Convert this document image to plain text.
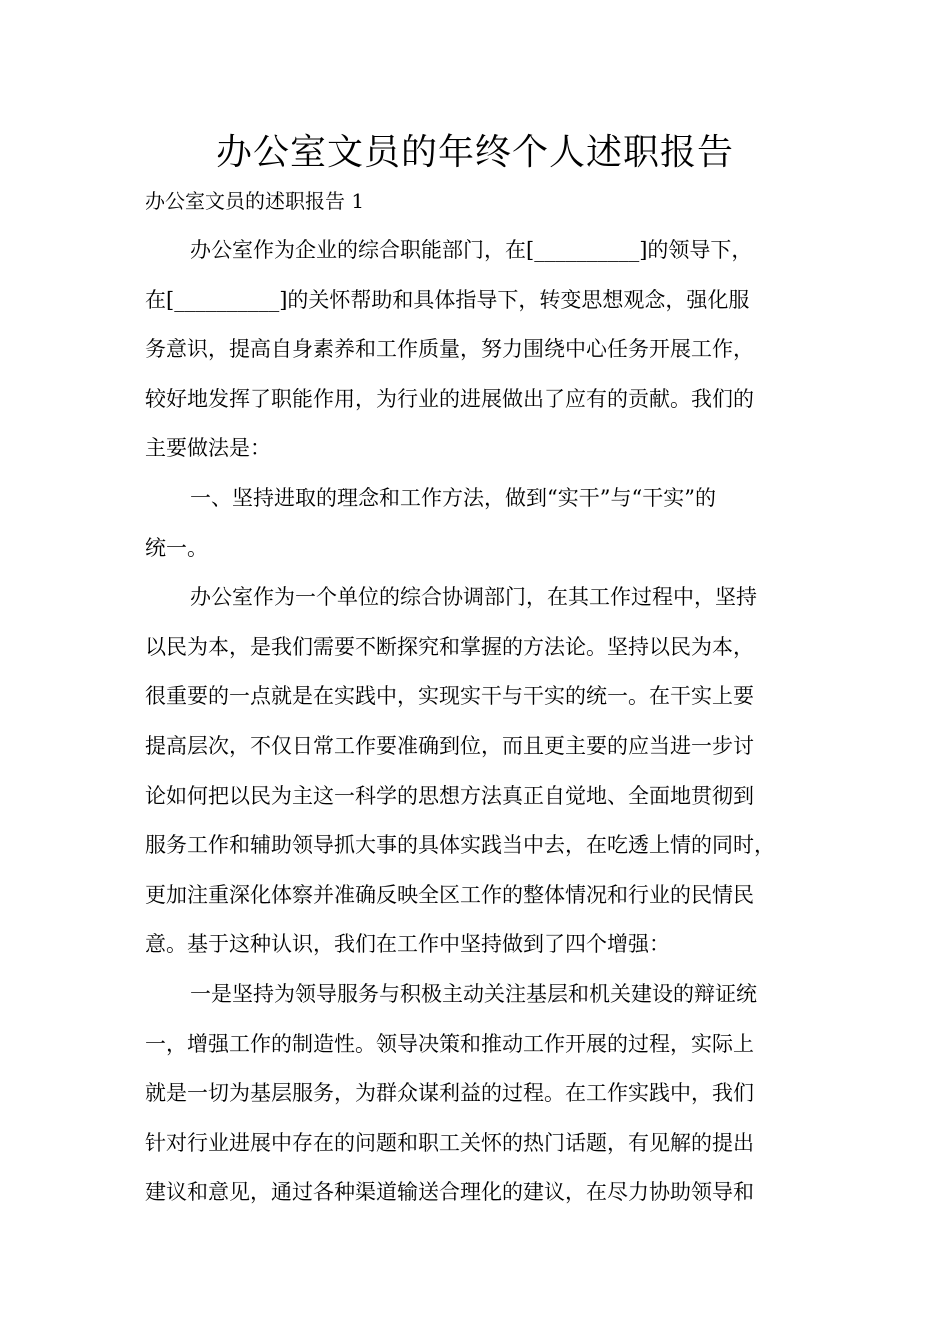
办公室文员的年终个人述职报告
办公室文员的述职报告 1
办公室作为企业的综合职能部门，在[__________]的领导下，
在[__________]的关怀帮助和具体指导下，转变思想观念，强化服
务意识，提高自身素养和工作质量，努力围绕中心任务开展工作，
较好地发挥了职能作用，为行业的进展做出了应有的贡献。我们的
主要做法是：
一、坚持进取的理念和工作方法，做到“实干”与“干实”的
统一。
办公室作为一个单位的综合协调部门，在其工作过程中，坚持
以民为本，是我们需要不断探究和掌握的方法论。坚持以民为本，
很重要的一点就是在实践中，实现实干与干实的统一。在干实上要
提高层次，不仅日常工作要准确到位，而且更主要的应当进一步讨
论如何把以民为主这一科学的思想方法真正自觉地、全面地贯彻到
服务工作和辅助领导抓大事的具体实践当中去，在吃透上情的同时，
更加注重深化体察并准确反映全区工作的整体情况和行业的民情民
意。基于这种认识，我们在工作中坚持做到了四个增强：
一是坚持为领导服务与积极主动关注基层和机关建设的辩证统
一，增强工作的制造性。领导决策和推动工作开展的过程，实际上
就是一切为基层服务，为群众谋利益的过程。在工作实践中，我们
针对行业进展中存在的问题和职工关怀的热门话题，有见解的提出
建议和意见，通过各种渠道输送合理化的建议，在尽力协助领导和
